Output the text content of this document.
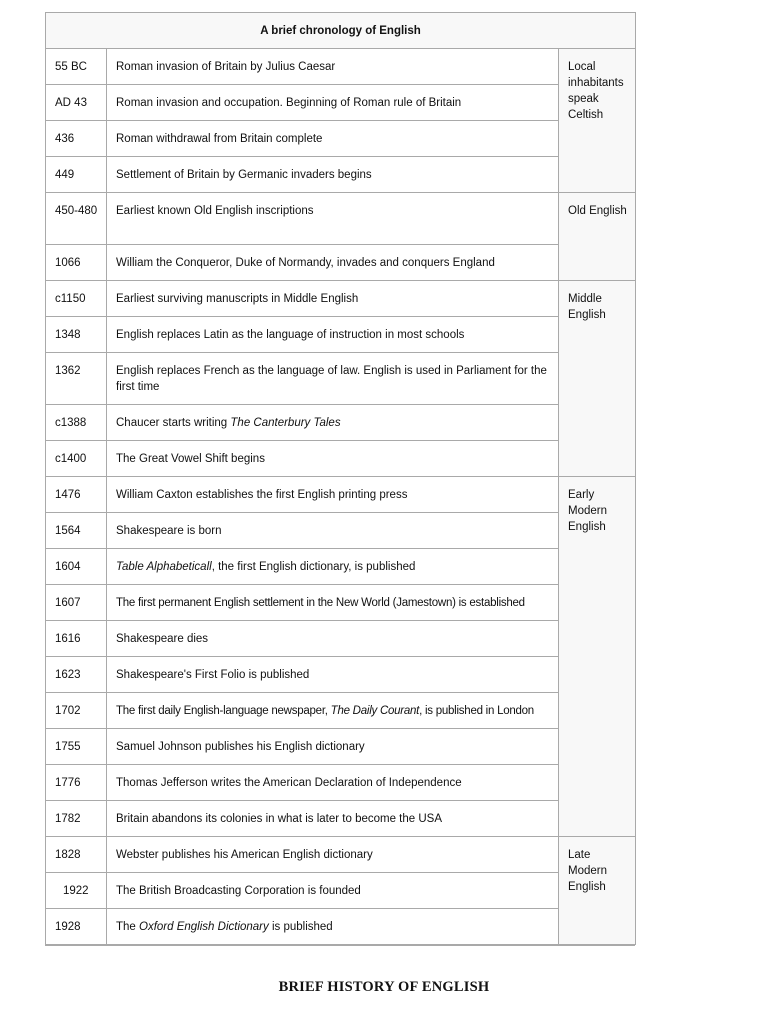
A brief chronology of English		
55 BC	Roman invasion of Britain by Julius Caesar	Local inhabitants speak Celtish
AD 43	Roman invasion and occupation. Beginning of Roman rule of Britain	
436	Roman withdrawal from Britain complete	
449	Settlement of Britain by Germanic invaders begins	
450-480	Earliest known Old English inscriptions	Old English
1066	William the Conqueror, Duke of Normandy, invades and conquers England	
c1150	Earliest surviving manuscripts in Middle English	Middle English
1348	English replaces Latin as the language of instruction in most schools	
1362	English replaces French as the language of law. English is used in Parliament for the first time	
c1388	Chaucer starts writing The Canterbury Tales	
c1400	The Great Vowel Shift begins	
1476	William Caxton establishes the first English printing press	Early Modern English
1564	Shakespeare is born	
1604	Table Alphabeticall, the first English dictionary, is published	
1607	The first permanent English settlement in the New World (Jamestown) is established	
1616	Shakespeare dies	
1623	Shakespeare's First Folio is published	
1702	The first daily English-language newspaper, The Daily Courant, is published in London	
1755	Samuel Johnson publishes his English dictionary	
1776	Thomas Jefferson writes the American Declaration of Independence	
1782	Britain abandons its colonies in what is later to become the USA	
1828	Webster publishes his American English dictionary	Late Modern English
1922	The British Broadcasting Corporation is founded	
1928	The Oxford English Dictionary is published	
BRIEF HISTORY OF ENGLISH
